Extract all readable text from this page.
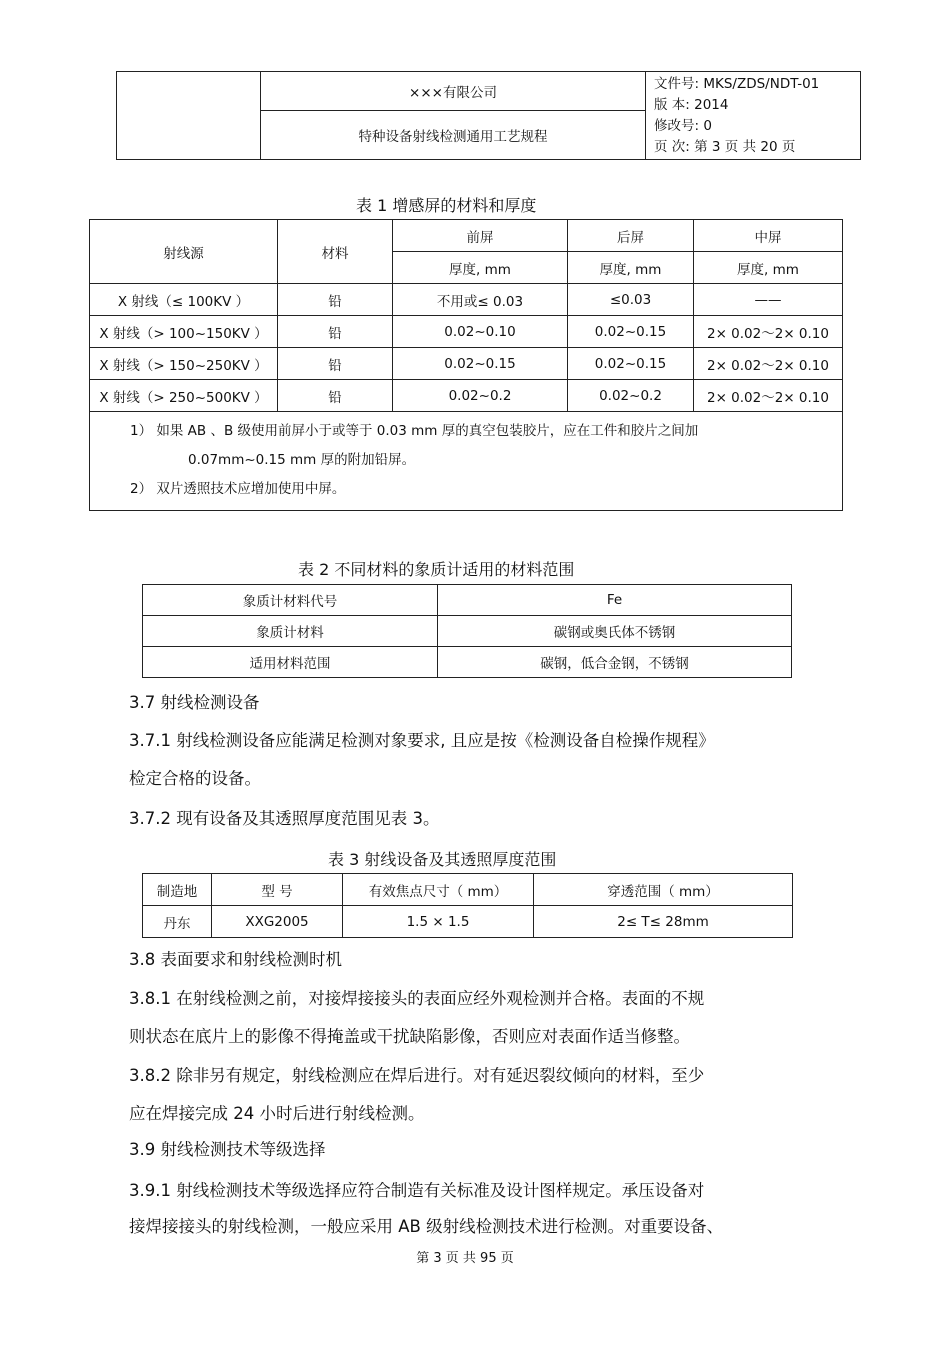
	×××有限公司	
文件号: MKS/ZDS/NDT-01
版 本: 2014
修改号: 0
页 次: 第 3 页 共 20 页

特种设备射线检测通用工艺规程
表 1 增感屏的材料和厚度
射线源	材料	前屏	后屏	中屏
		厚度, mm	厚度, mm	厚度, mm
X 射线（≤ 100KV ）	铅	不用或≤ 0.03	≤0.03	——
X 射线（> 100~150KV ）	铅	0.02~0.10	0.02~0.15	2× 0.02～2× 0.10
X 射线（> 150~250KV ）	铅	0.02~0.15	0.02~0.15	2× 0.02～2× 0.10
X 射线（> 250~500KV ）	铅	0.02~0.2	0.02~0.2	2× 0.02～2× 0.10

1） 如果 AB 、B 级使用前屏小于或等于 0.03 mm 厚的真空包装胶片，应在工件和胶片之间加
0.07mm~0.15 mm 厚的附加铅屏。
2） 双片透照技术应增加使用中屏。				
表 2 不同材料的象质计适用的材料范围
象质计材料代号	Fe
象质计材料	碳钢或奥氏体不锈钢
适用材料范围	碳钢，低合金钢，不锈钢

3.7 射线检测设备

3.7.1 射线检测设备应能满足检测对象要求, 且应是按《检测设备自检操作规程》

检定合格的设备。

3.7.2 现有设备及其透照厚度范围见表 3。

表 3 射线设备及其透照厚度范围
制造地	型 号	有效焦点尺寸（ mm）	穿透范围（ mm）
丹东	XXG2005	1.5 × 1.5	2≤ T≤ 28mm

3.8 表面要求和射线检测时机

3.8.1 在射线检测之前，对接焊接接头的表面应经外观检测并合格。表面的不规

则状态在底片上的影像不得掩盖或干扰缺陷影像，否则应对表面作适当修整。

3.8.2 除非另有规定，射线检测应在焊后进行。对有延迟裂纹倾向的材料，至少

应在焊接完成 24 小时后进行射线检测。

3.9 射线检测技术等级选择

3.9.1 射线检测技术等级选择应符合制造有关标准及设计图样规定。承压设备对

接焊接接头的射线检测，一般应采用 AB 级射线检测技术进行检测。对重要设备、

第 3 页 共 95 页
